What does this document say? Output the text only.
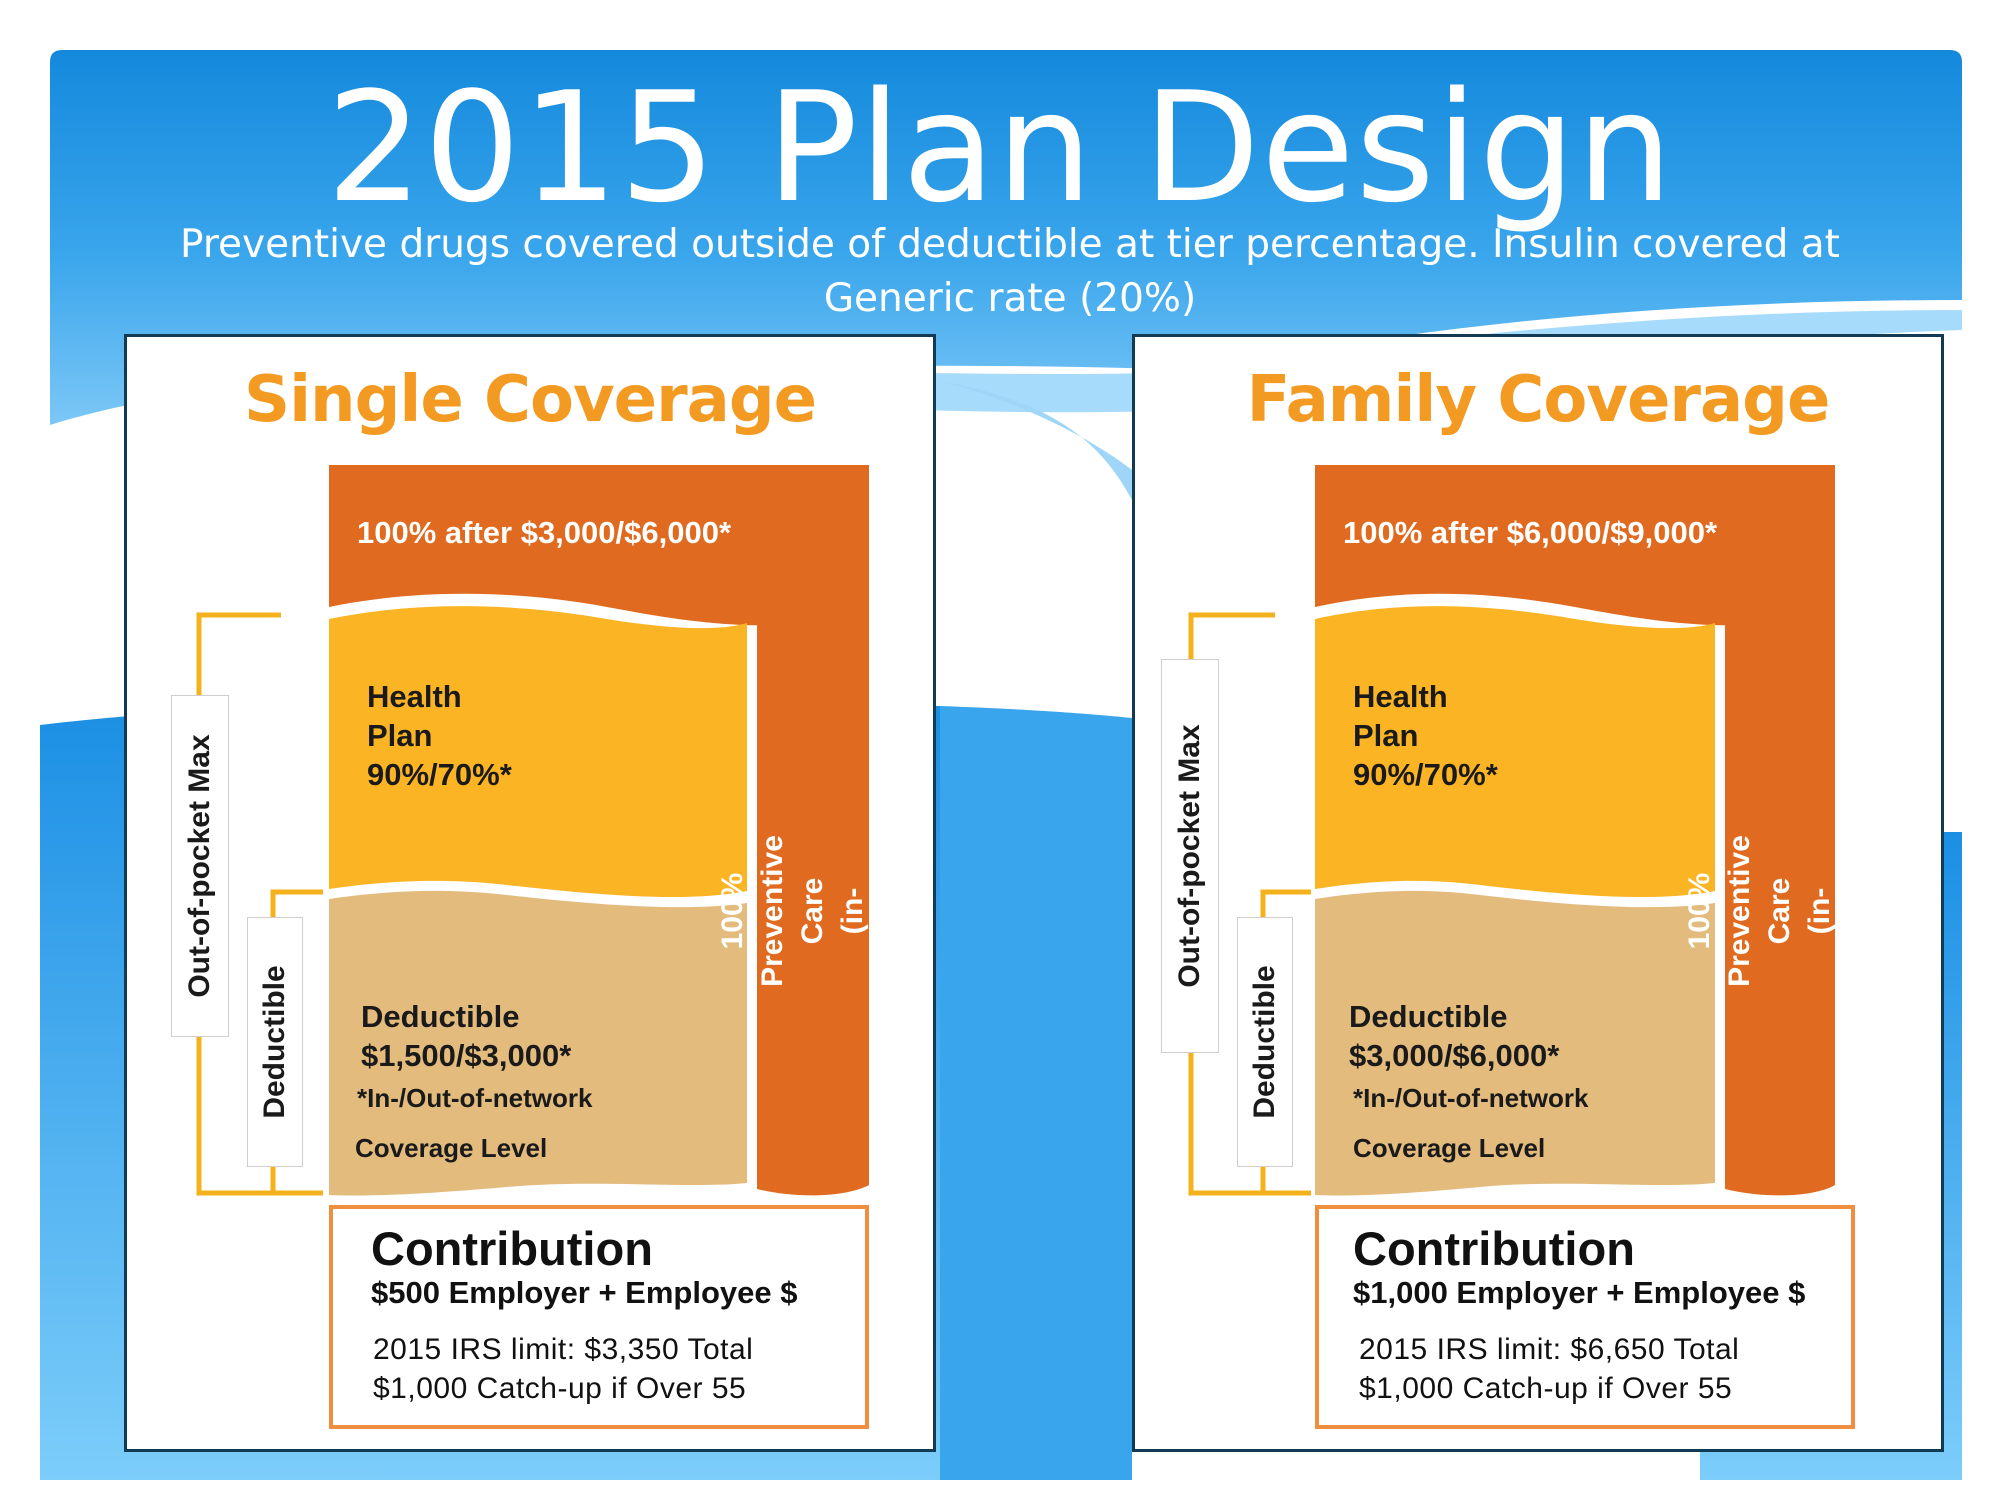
2015 Plan Design

Preventive drugs covered outside of deductible at tier percentage. Insulin covered at Generic rate (20%)

Single Coverage
100% after $3,000/$6,000*
Health
Plan
90%/70%*
Deductible
$1,500/$3,000*
*In-/Out-of-network
Coverage Level
Out-of-pocket Max
Deductible
100% Preventive Care
(in-network)
Contribution
$500 Employer + Employee $
2015 IRS limit: $3,350 Total
$1,000 Catch-up if Over 55
Family Coverage
100% after $6,000/$9,000*
Health
Plan
90%/70%*
Deductible
$3,000/$6,000*
*In-/Out-of-network
Coverage Level
Out-of-pocket Max
Deductible
100% Preventive Care
(in-network)
Contribution
$1,000 Employer + Employee $
2015 IRS limit: $6,650 Total
$1,000 Catch-up if Over 55
